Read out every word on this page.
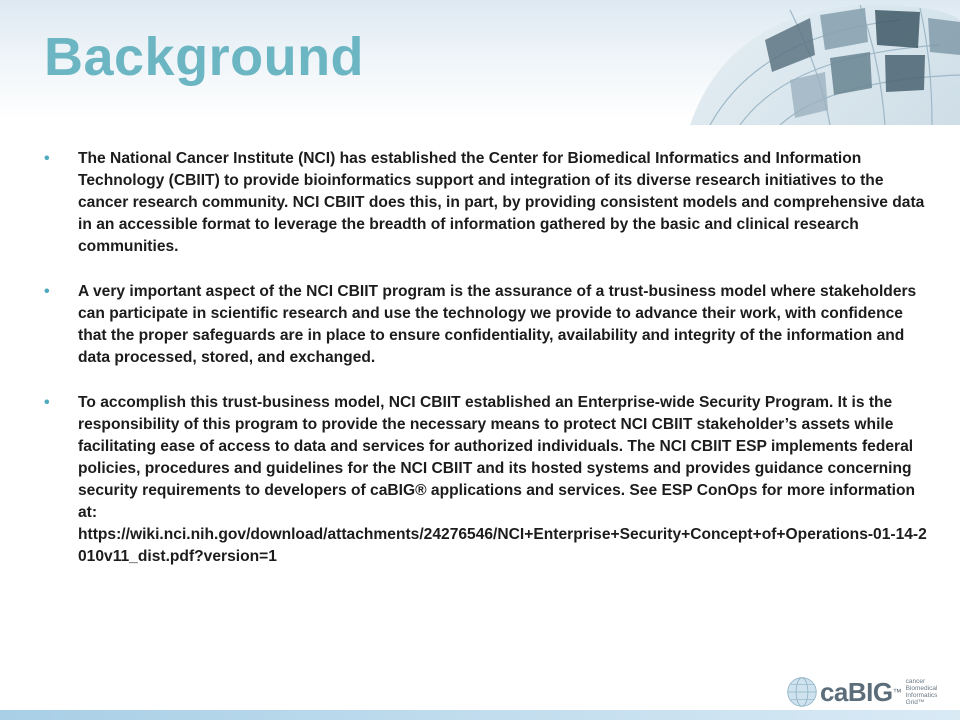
Background
• The National Cancer Institute (NCI) has established the Center for Biomedical Informatics and Information Technology (CBIIT) to provide bioinformatics support and integration of its diverse research initiatives to the cancer research community. NCI CBIIT does this, in part, by providing consistent models and comprehensive data in an accessible format to leverage the breadth of information gathered by the basic and clinical research communities.
• A very important aspect of the NCI CBIIT program is the assurance of a trust-business model where stakeholders can participate in scientific research and use the technology we provide to advance their work, with confidence that the proper safeguards are in place to ensure confidentiality, availability and integrity of the information and data processed, stored, and exchanged.
• To accomplish this trust-business model, NCI CBIIT established an Enterprise-wide Security Program. It is the responsibility of this program to provide the necessary means to protect NCI CBIIT stakeholder’s assets while facilitating ease of access to data and services for authorized individuals. The NCI CBIIT ESP implements federal policies, procedures and guidelines for the NCI CBIIT and its hosted systems and provides guidance concerning security requirements to developers of caBIG® applications and services. See ESP ConOps for more information at:
https://wiki.nci.nih.gov/download/attachments/24276546/NCI+Enterprise+Security+Concept+of+Operations-01-14-2010v11_dist.pdf?version=1
caBIG ™
cancer Biomedical Informatics Grid™
